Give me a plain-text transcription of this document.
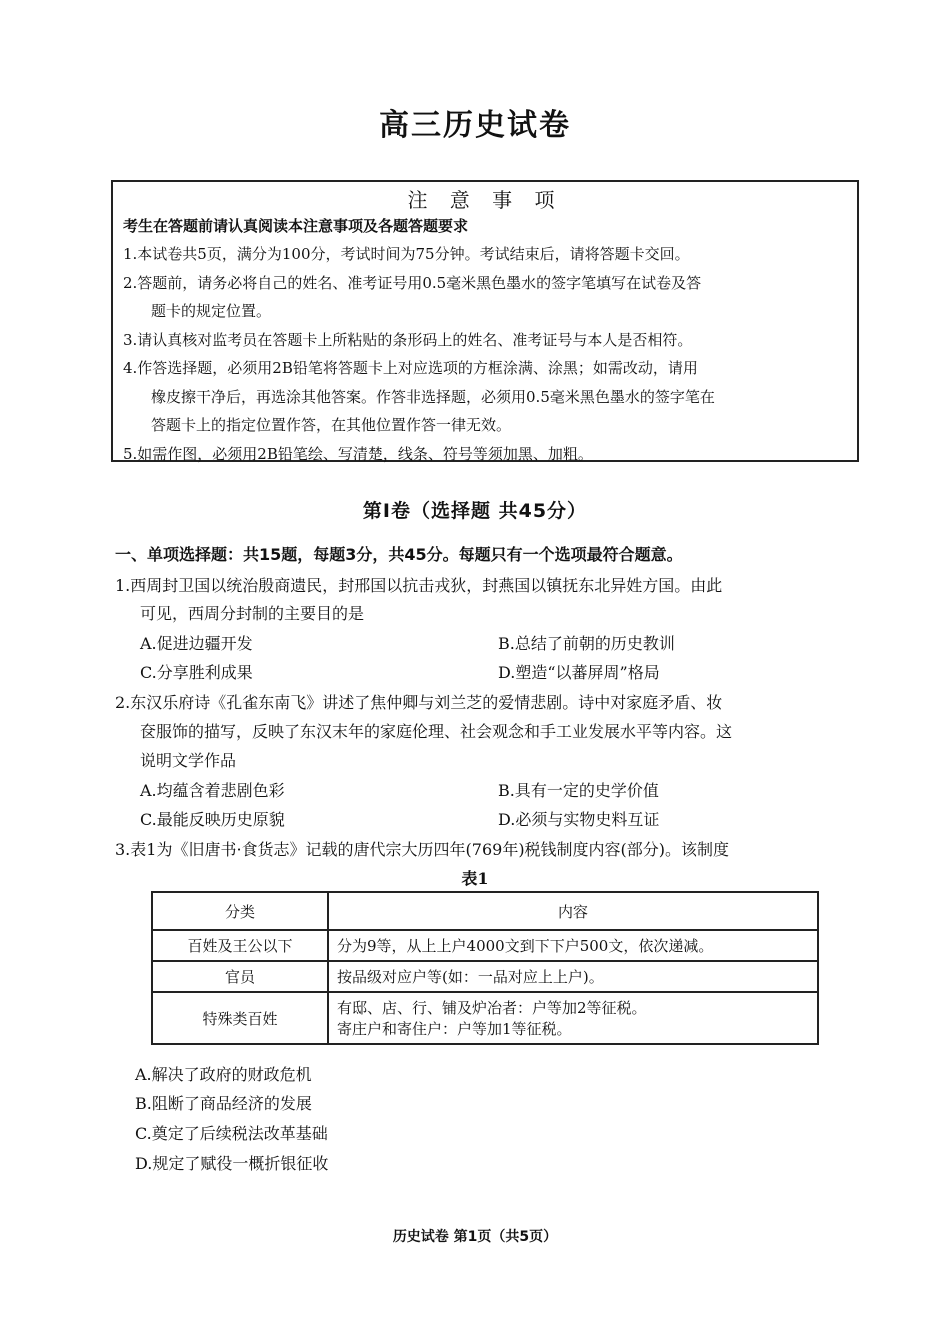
高三历史试卷
注 意 事 项
考生在答题前请认真阅读本注意事项及各题答题要求
1.本试卷共5页，满分为100分，考试时间为75分钟。考试结束后，请将答题卡交回。
2.答题前，请务必将自己的姓名、准考证号用0.5毫米黑色墨水的签字笔填写在试卷及答
题卡的规定位置。
3.请认真核对监考员在答题卡上所粘贴的条形码上的姓名、准考证号与本人是否相符。
4.作答选择题，必须用2B铅笔将答题卡上对应选项的方框涂满、涂黑；如需改动，请用
橡皮擦干净后，再选涂其他答案。作答非选择题，必须用0.5毫米黑色墨水的签字笔在
答题卡上的指定位置作答，在其他位置作答一律无效。
5.如需作图，必须用2B铅笔绘、写清楚，线条、符号等须加黑、加粗。
第Ⅰ卷（选择题 共45分）
一、单项选择题：共15题，每题3分，共45分。每题只有一个选项最符合题意。
1.西周封卫国以统治殷商遗民，封邢国以抗击戎狄，封燕国以镇抚东北异姓方国。由此
可见，西周分封制的主要目的是
A.促进边疆开发	B.总结了前朝的历史教训
C.分享胜利成果	D.塑造“以蕃屏周”格局
2.东汉乐府诗《孔雀东南飞》讲述了焦仲卿与刘兰芝的爱情悲剧。诗中对家庭矛盾、妆
奁服饰的描写，反映了东汉末年的家庭伦理、社会观念和手工业发展水平等内容。这
说明文学作品
A.均蕴含着悲剧色彩	B.具有一定的史学价值
C.最能反映历史原貌	D.必须与实物史料互证
3.表1为《旧唐书·食货志》记载的唐代宗大历四年(769年)税钱制度内容(部分)。该制度
表1
分类	内容
百姓及王公以下	分为9等，从上上户4000文到下下户500文，依次递减。
官员	按品级对应户等(如：一品对应上上户)。
特殊类百姓	有邸、店、行、铺及炉冶者：户等加2等征税。
寄庄户和寄住户：户等加1等征税。
A.解决了政府的财政危机
B.阻断了商品经济的发展
C.奠定了后续税法改革基础
D.规定了赋役一概折银征收
历史试卷 第1页（共5页）
